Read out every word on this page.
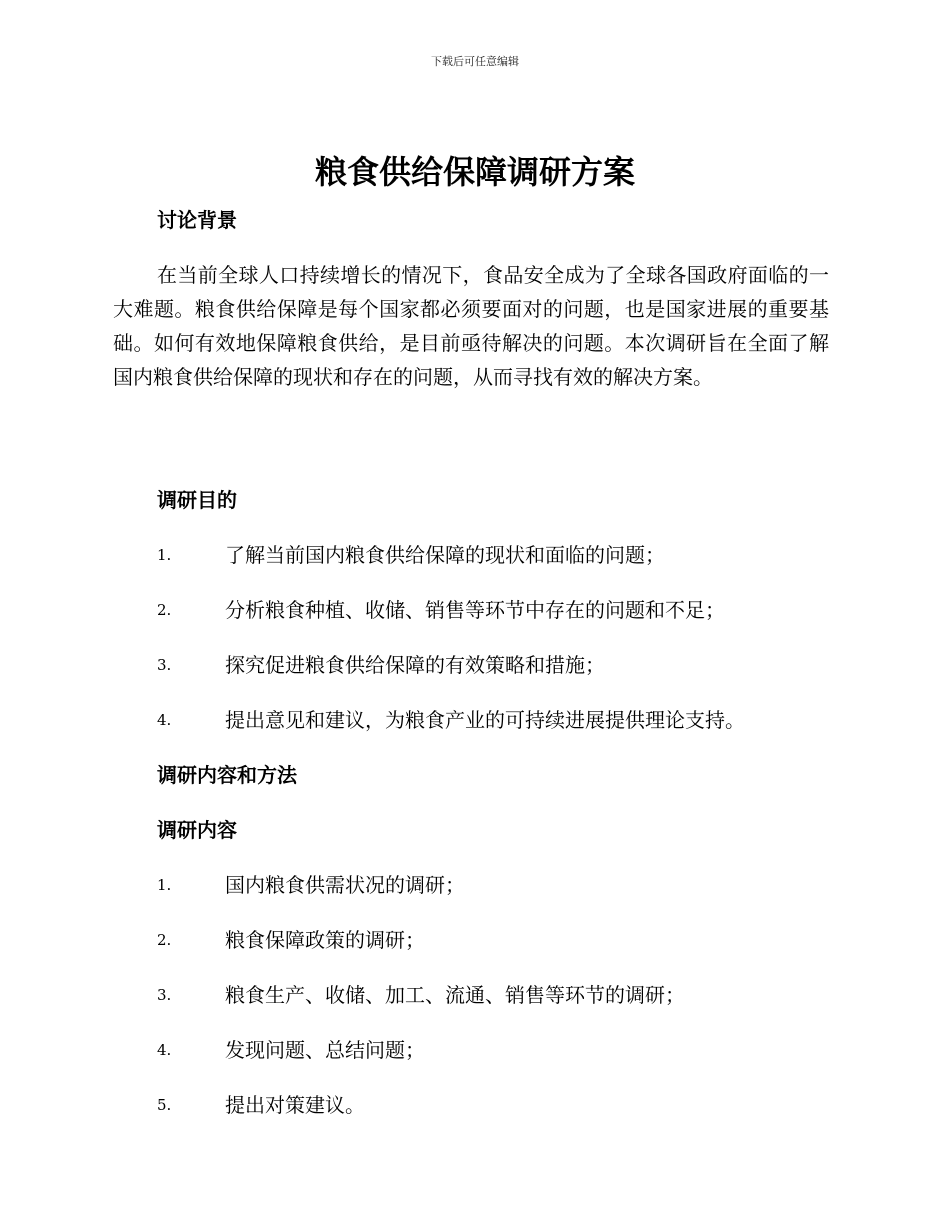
下载后可任意编辑
粮食供给保障调研方案
讨论背景

在当前全球人口持续增长的情况下，食品安全成为了全球各国政府面临的一大难题。粮食供给保障是每个国家都必须要面对的问题，也是国家进展的重要基础。如何有效地保障粮食供给，是目前亟待解决的问题。本次调研旨在全面了解国内粮食供给保障的现状和存在的问题，从而寻找有效的解决方案。

调研目的
1.	了解当前国内粮食供给保障的现状和面临的问题；
2.	分析粮食种植、收储、销售等环节中存在的问题和不足；
3.	探究促进粮食供给保障的有效策略和措施；
4.	提出意见和建议，为粮食产业的可持续进展提供理论支持。
调研内容和方法
调研内容
1.	国内粮食供需状况的调研；
2.	粮食保障政策的调研；
3.	粮食生产、收储、加工、流通、销售等环节的调研；
4.	发现问题、总结问题；
5.	提出对策建议。
